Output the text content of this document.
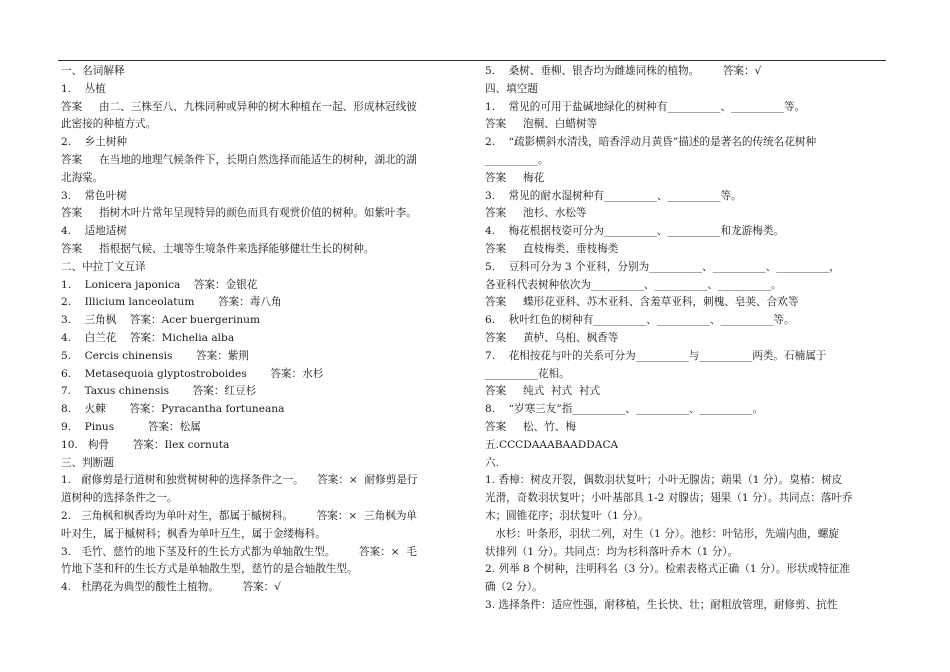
一、名词解释
1.    丛植
答案     由二、三株至八、九株同种或异种的树木种植在一起、形成林冠线彼
此密接的种植方式。
2.    乡土树种
答案     在当地的地理气候条件下，长期自然选择而能适生的树种，湖北的湖
北海棠。
3.    常色叶树
答案     指树木叶片常年呈现特异的颜色而具有观赏价值的树种。如紫叶李。
4.    适地适树
答案     指根据气候、土壤等生境条件来选择能够健壮生长的树种。
二、中拉丁文互译
1.    Lonicera japonica    答案：金银花
2.    Illicium lanceolatum       答案：毒八角
3.    三角枫    答案：Acer buergerinum
4.    白兰花    答案：Michelia alba
5.    Cercis chinensis       答案：紫荆
6.    Metasequoia glyptostroboides       答案：水杉
7.    Taxus chinensis       答案：红豆杉
8.    火棘       答案：Pyracantha fortuneana
9.    Pinus          答案：松属
10.   枸骨       答案：Ilex cornuta
三、判断题
1.   耐修剪是行道树和独赏树树种的选择条件之一。    答案：×  耐修剪是行
道树种的选择条件之一。
2.   三角枫和枫香均为单叶对生，都属于槭树科。       答案：×  三角枫为单
叶对生，属于槭树科；枫香为单叶互生，属于金缕梅科。
3.   毛竹、慈竹的地下茎及秆的生长方式都为单轴散生型。       答案：×  毛
竹地下茎和秆的生长方式是单轴散生型，慈竹的是合轴散生型。
4.   杜鹃花为典型的酸性土植物。       答案：√
5.    桑树、垂柳、银杏均为雌雄同株的植物。       答案：√
四、填空题
1.    常见的可用于盐碱地绿化的树种有__________、__________等。
答案     泡桐、白蜡树等
2.    “疏影横斜水清浅，暗香浮动月黄昏”描述的是著名的传统名花树种
__________。
答案     梅花
3.    常见的耐水湿树种有__________、__________等。
答案     池杉、水松等
4.    梅花根据枝姿可分为__________、__________和龙游梅类。
答案     直枝梅类、垂枝梅类
5.    豆科可分为 3 个亚科，分别为__________、__________、__________，
各亚科代表树种依次为__________、__________、__________。
答案     蝶形花亚科、苏木亚科、含羞草亚科，刺槐、皂荚、合欢等
6.    秋叶红色的树种有__________、__________、__________等。
答案     黄栌、乌桕、枫香等
7.    花相按花与叶的关系可分为__________与__________两类。石楠属于
__________花相。
答案     纯式  衬式  衬式
8.    “岁寒三友”指__________、__________、__________。
答案     松、竹、梅
五.CCCDAAABAADDACA
六.
1. 香樟：树皮开裂，偶数羽状复叶；小叶无腺齿；蒴果（1 分）。臭椿：树皮
光滑，奇数羽状复叶；小叶基部具 1-2 对腺齿；翅果（1 分）。共同点：落叶乔
木；圆锥花序；羽状复叶（1 分）。
水杉：叶条形，羽状二列，对生（1 分）。池杉：叶钻形，先端内曲，螺旋
状排列（1 分）。共同点：均为杉科落叶乔木（1 分）。
2. 列举 8 个树种，注明科名（3 分）。检索表格式正确（1 分）。形状或特征准
确（2 分）。
3. 选择条件：适应性强，耐移植，生长快、壮；耐粗放管理，耐修剪、抗性
